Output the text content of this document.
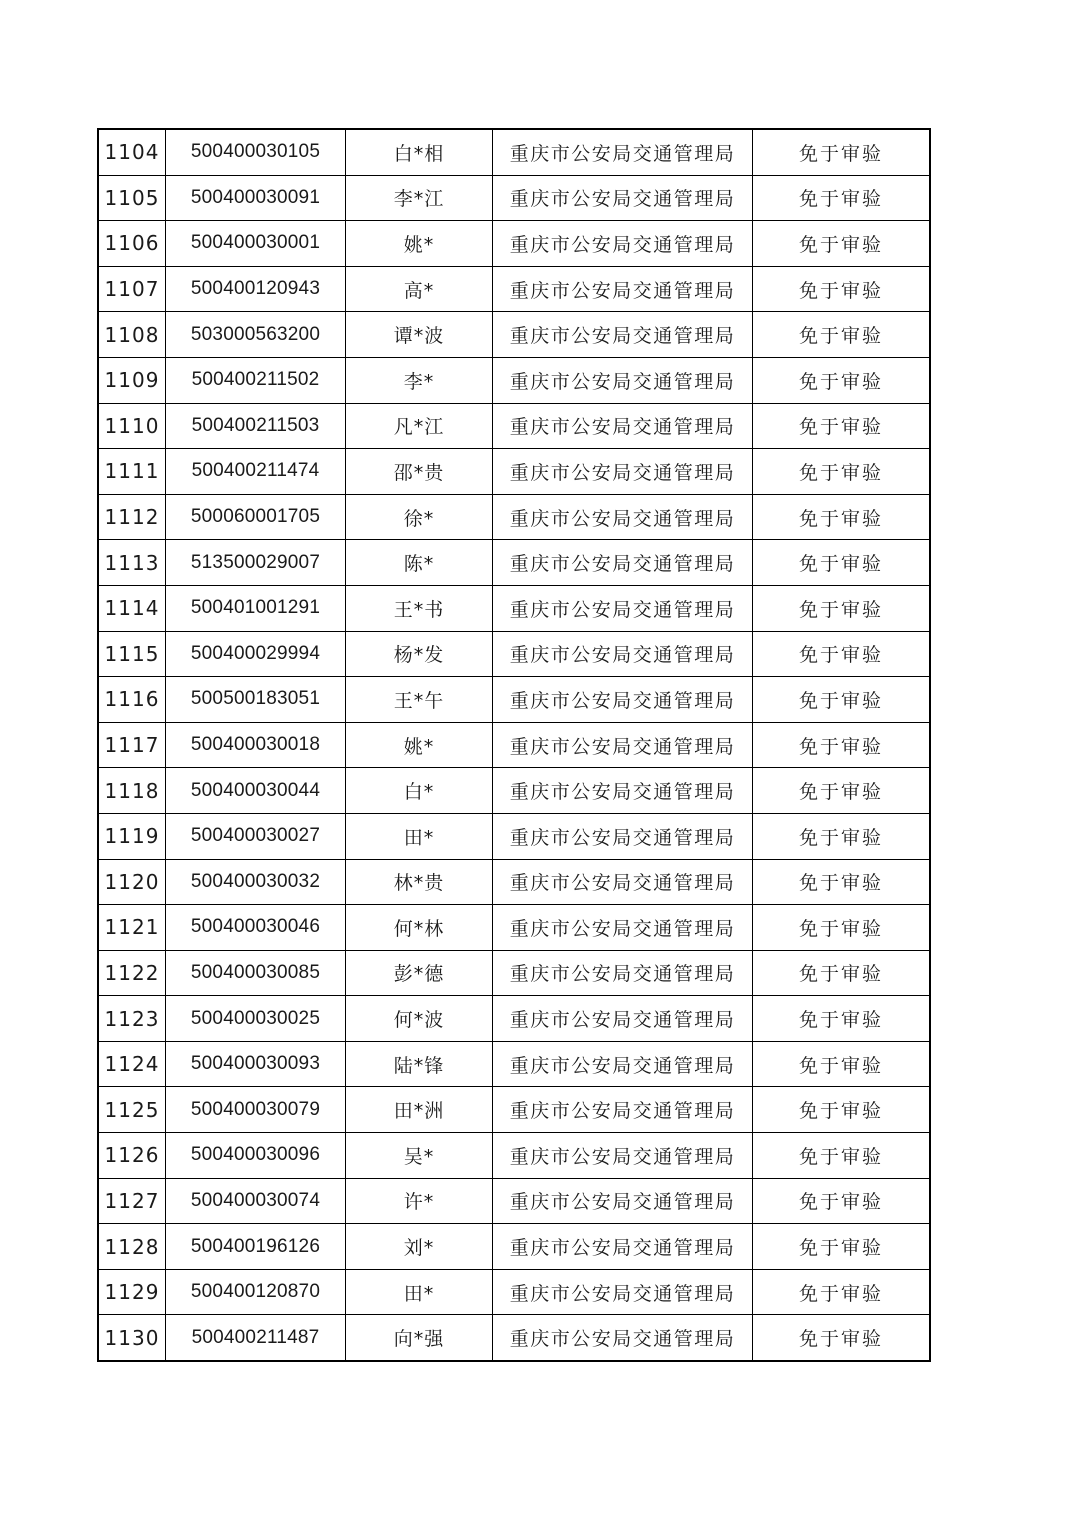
1104	500400030105	白*相	重庆市公安局交通管理局	免于审验
1105	500400030091	李*江	重庆市公安局交通管理局	免于审验
1106	500400030001	姚*	重庆市公安局交通管理局	免于审验
1107	500400120943	高*	重庆市公安局交通管理局	免于审验
1108	503000563200	谭*波	重庆市公安局交通管理局	免于审验
1109	500400211502	李*	重庆市公安局交通管理局	免于审验
1110	500400211503	凡*江	重庆市公安局交通管理局	免于审验
1111	500400211474	邵*贵	重庆市公安局交通管理局	免于审验
1112	500060001705	徐*	重庆市公安局交通管理局	免于审验
1113	513500029007	陈*	重庆市公安局交通管理局	免于审验
1114	500401001291	王*书	重庆市公安局交通管理局	免于审验
1115	500400029994	杨*发	重庆市公安局交通管理局	免于审验
1116	500500183051	王*午	重庆市公安局交通管理局	免于审验
1117	500400030018	姚*	重庆市公安局交通管理局	免于审验
1118	500400030044	白*	重庆市公安局交通管理局	免于审验
1119	500400030027	田*	重庆市公安局交通管理局	免于审验
1120	500400030032	林*贵	重庆市公安局交通管理局	免于审验
1121	500400030046	何*林	重庆市公安局交通管理局	免于审验
1122	500400030085	彭*德	重庆市公安局交通管理局	免于审验
1123	500400030025	何*波	重庆市公安局交通管理局	免于审验
1124	500400030093	陆*锋	重庆市公安局交通管理局	免于审验
1125	500400030079	田*洲	重庆市公安局交通管理局	免于审验
1126	500400030096	吴*	重庆市公安局交通管理局	免于审验
1127	500400030074	许*	重庆市公安局交通管理局	免于审验
1128	500400196126	刘*	重庆市公安局交通管理局	免于审验
1129	500400120870	田*	重庆市公安局交通管理局	免于审验
1130	500400211487	向*强	重庆市公安局交通管理局	免于审验
